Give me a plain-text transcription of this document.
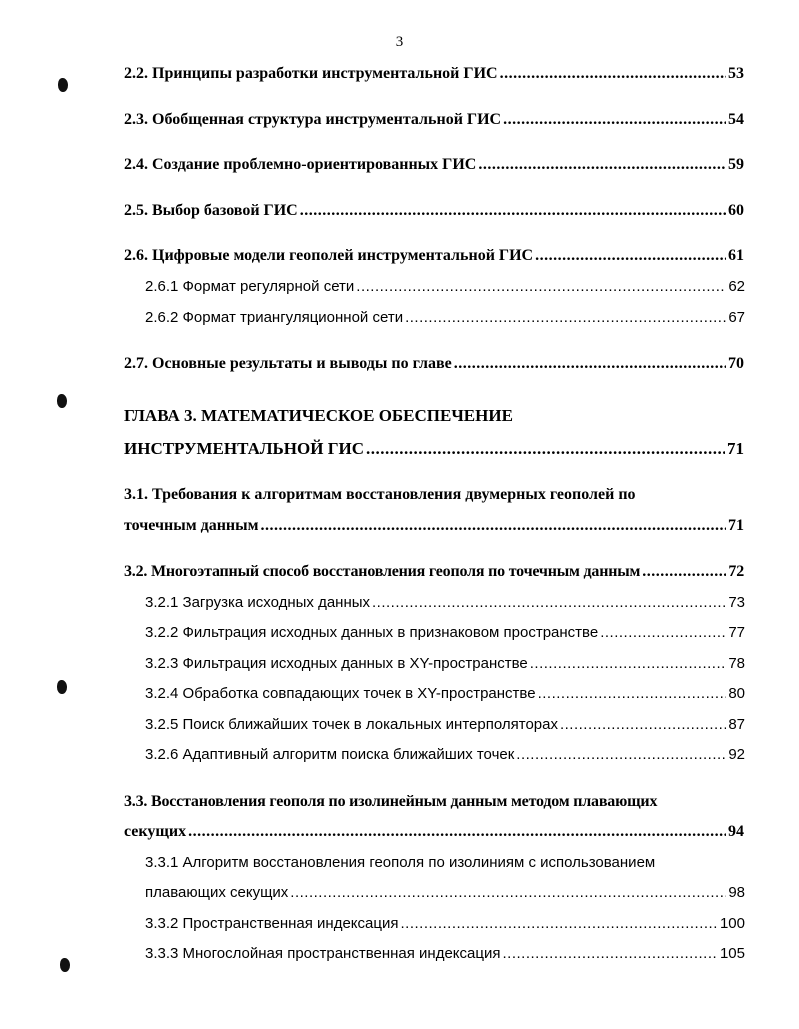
3
2.2. Принципы разработки инструментальной ГИС .....	53
2.3. Обобщенная структура инструментальной ГИС .....	54
2.4. Создание проблемно-ориентированных ГИС .....	59
2.5. Выбор базовой ГИС .....	60
2.6. Цифровые модели геополей инструментальной ГИС .....	61
2.6.1 Формат регулярной сети .....	62
2.6.2 Формат триангуляционной сети .....	67
2.7. Основные результаты и выводы по главе .....	70
ГЛАВА 3. МАТЕМАТИЧЕСКОЕ ОБЕСПЕЧЕНИЕ
ИНСТРУМЕНТАЛЬНОЙ ГИС .....	71
3.1. Требования к алгоритмам восстановления двумерных геополей по
точечным данным .....	71
3.2. Многоэтапный способ восстановления геополя по точечным данным .....	72
3.2.1 Загрузка исходных данных .....	73
3.2.2 Фильтрация исходных данных в признаковом пространстве .....	77
3.2.3 Фильтрация исходных данных в XY-пространстве .....	78
3.2.4 Обработка совпадающих точек в XY-пространстве .....	80
3.2.5 Поиск ближайших точек в локальных интерполяторах .....	87
3.2.6 Адаптивный алгоритм поиска ближайших точек .....	92
3.3. Восстановления геополя по изолинейным данным методом плавающих
секущих .....	94
3.3.1 Алгоритм восстановления геополя по изолиниям с использованием
плавающих секущих .....	98
3.3.2 Пространственная индексация .....	100
3.3.3 Многослойная пространственная индексация .....	105
